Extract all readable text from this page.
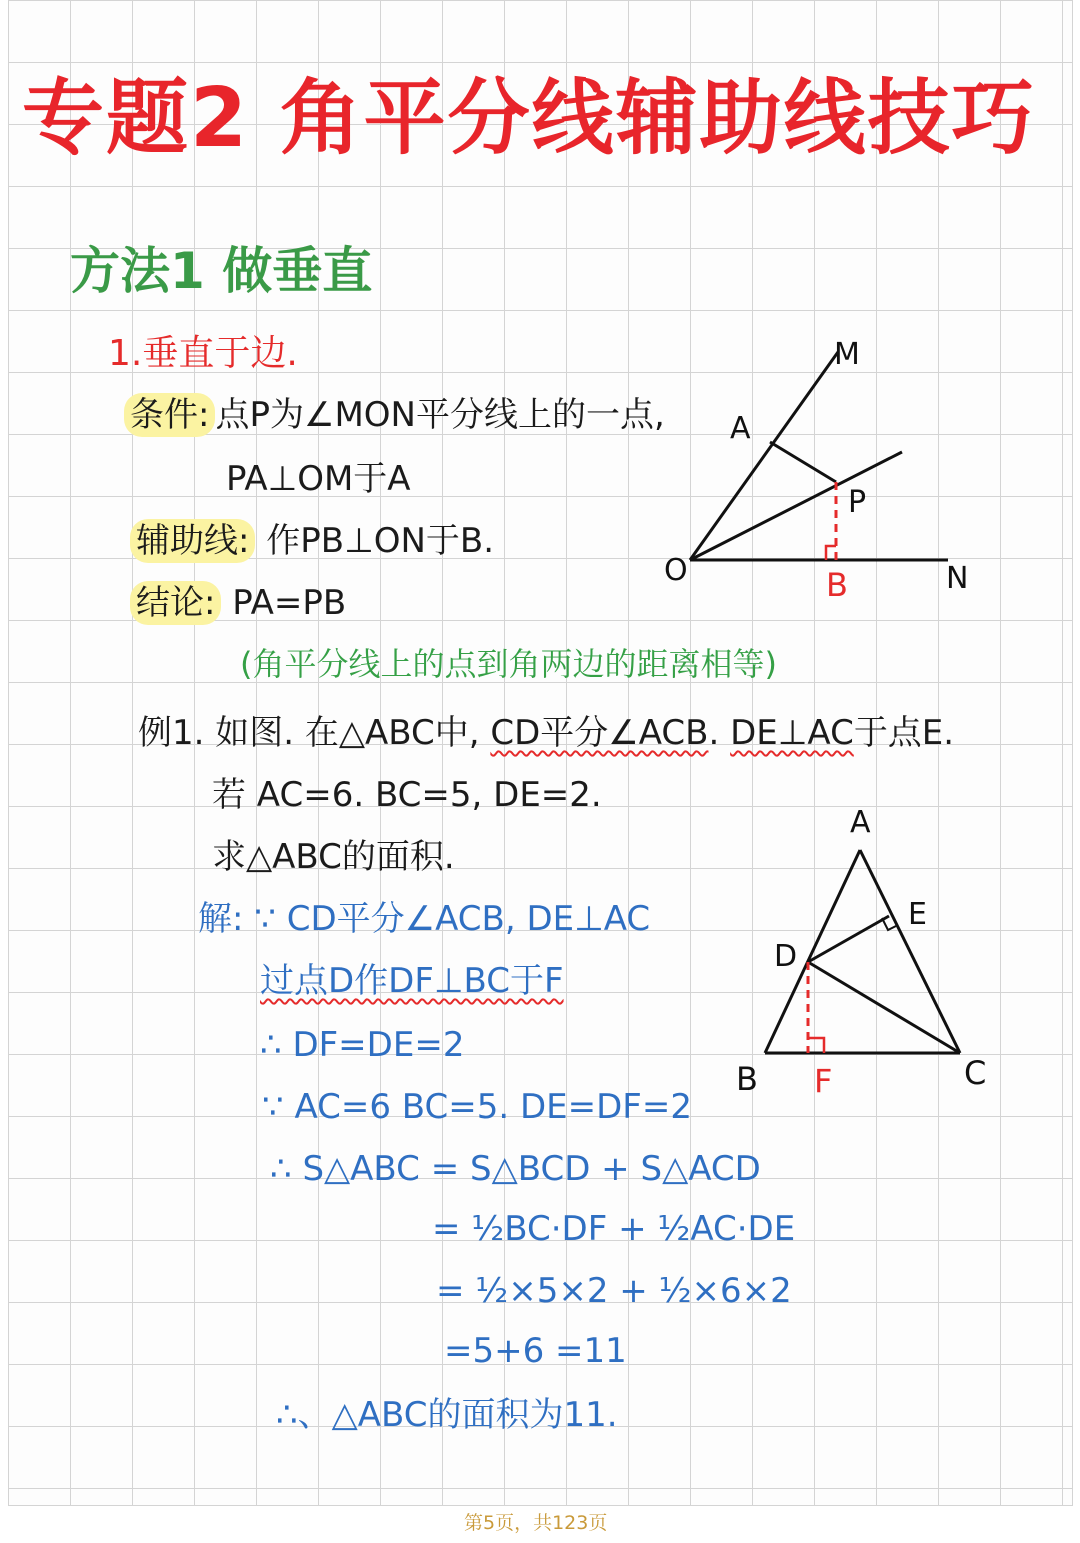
专题2 角平分线辅助线技巧
方法1 做垂直
1.垂直于边.
条件: 点P为∠MON平分线上的一点,
PA⊥OM于A
辅助线: 作PB⊥ON于B.
结论: PA=PB
(角平分线上的点到角两边的距离相等)
M
A
P
O	B	N
例1. 如图. 在△ABC中, CD平分∠ACB. DE⊥AC于点E.
若 AC=6. BC=5, DE=2.
求△ABC的面积.
解: ∵ CD平分∠ACB, DE⊥AC
过点D作DF⊥BC于F
∴ DF=DE=2
∵ AC=6 BC=5. DE=DF=2
∴ S△ABC = S△BCD + S△ACD
= ½BC·DF + ½AC·DE
= ½×5×2 + ½×6×2
=5+6 =11
∴、△ABC的面积为11.
A
E
D
B F	C
第5页，共123页
